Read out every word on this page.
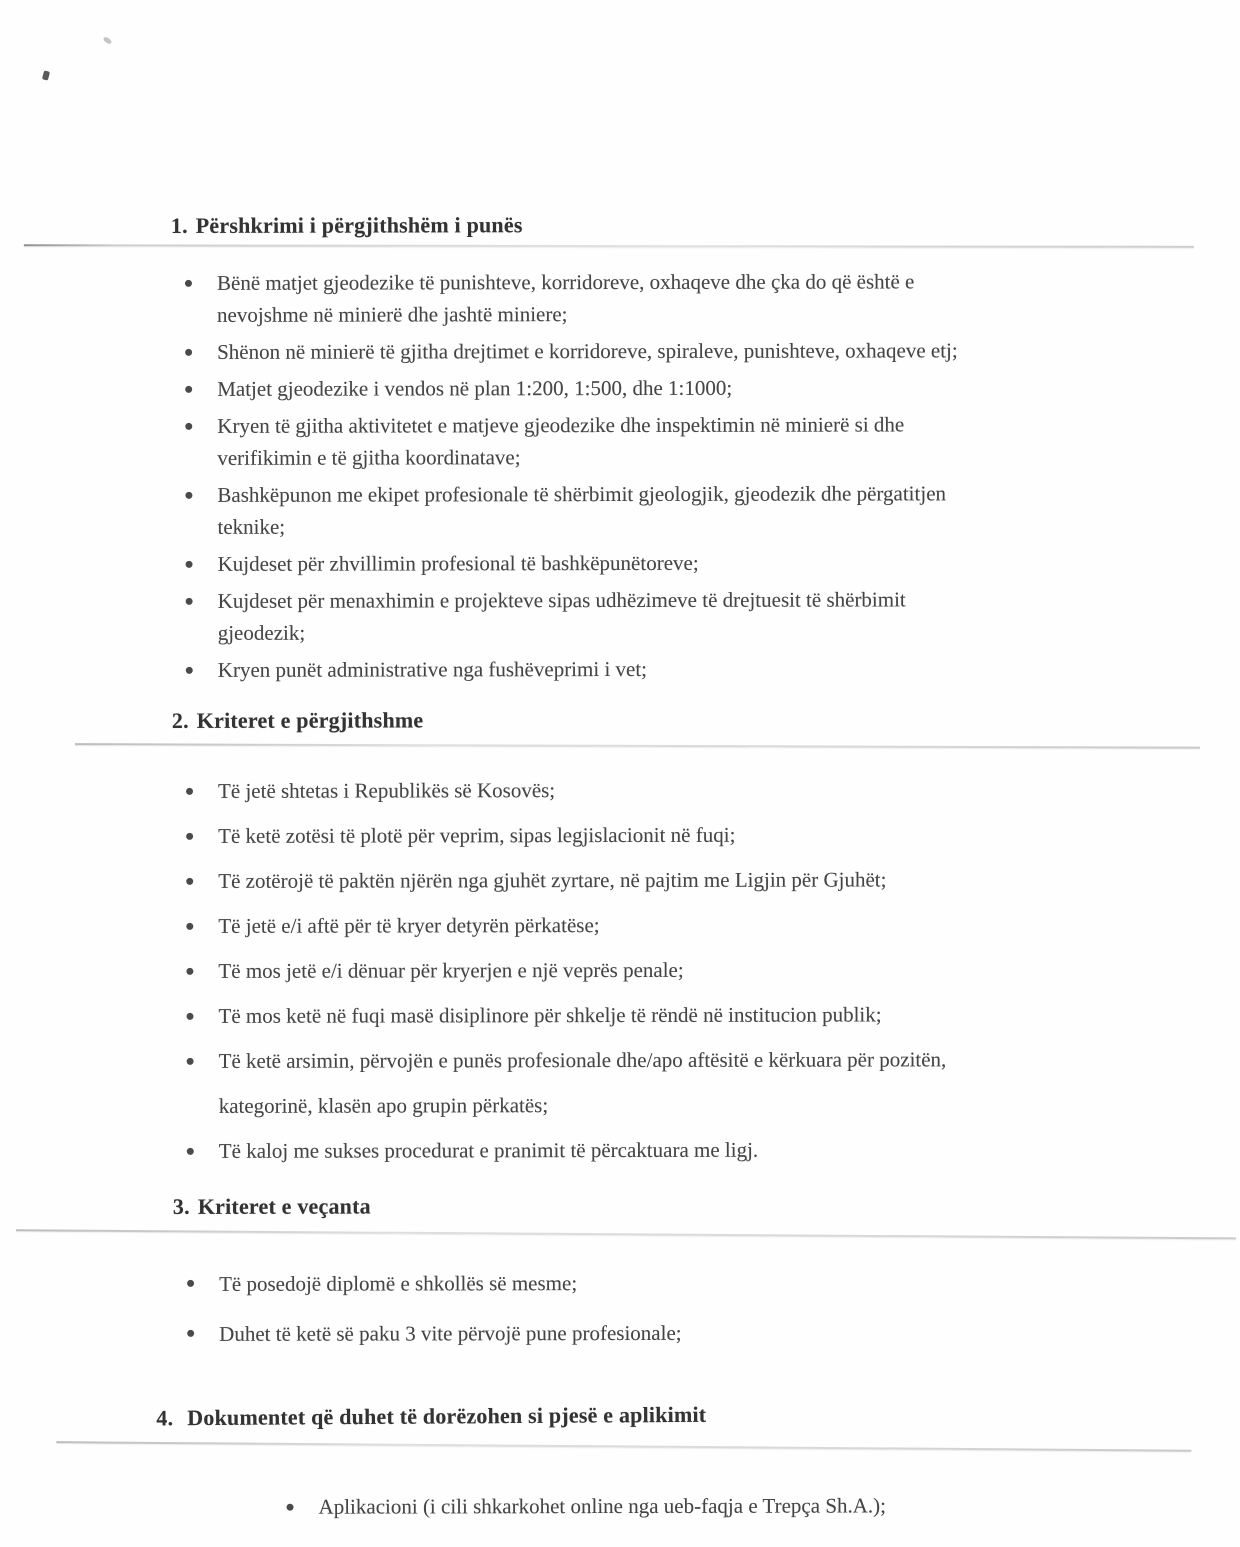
1. Përshkrimi i përgjithshëm i punës
Bënë matjet gjeodezike të punishteve, korridoreve, oxhaqeve dhe çka do që është e
nevojshme në minierë dhe jashtë miniere;
Shënon në minierë të gjitha drejtimet e korridoreve, spiraleve, punishteve, oxhaqeve etj;
Matjet gjeodezike i vendos në plan 1:200, 1:500, dhe 1:1000;
Kryen të gjitha aktivitetet e matjeve gjeodezike dhe inspektimin në minierë si dhe
verifikimin e të gjitha koordinatave;
Bashkëpunon me ekipet profesionale të shërbimit gjeologjik, gjeodezik dhe përgatitjen
teknike;
Kujdeset për zhvillimin profesional të bashkëpunëtoreve;
Kujdeset për menaxhimin e projekteve sipas udhëzimeve të drejtuesit të shërbimit
gjeodezik;
Kryen punët administrative nga fushëveprimi i vet;
2. Kriteret e përgjithshme
Të jetë shtetas i Republikës së Kosovës;
Të ketë zotësi të plotë për veprim, sipas legjislacionit në fuqi;
Të zotërojë të paktën njërën nga gjuhët zyrtare, në pajtim me Ligjin për Gjuhët;
Të jetë e/i aftë për të kryer detyrën përkatëse;
Të mos jetë e/i dënuar për kryerjen e një veprës penale;
Të mos ketë në fuqi masë disiplinore për shkelje të rëndë në institucion publik;
Të ketë arsimin, përvojën e punës profesionale dhe/apo aftësitë e kërkuara për pozitën,
kategorinë, klasën apo grupin përkatës;
Të kaloj me sukses procedurat e pranimit të përcaktuara me ligj.
3. Kriteret e veçanta
Të posedojë diplomë e shkollës së mesme;
Duhet të ketë së paku 3 vite përvojë pune profesionale;
4. Dokumentet që duhet të dorëzohen si pjesë e aplikimit
Aplikacioni (i cili shkarkohet online nga ueb-faqja e Trepça Sh.A.);
